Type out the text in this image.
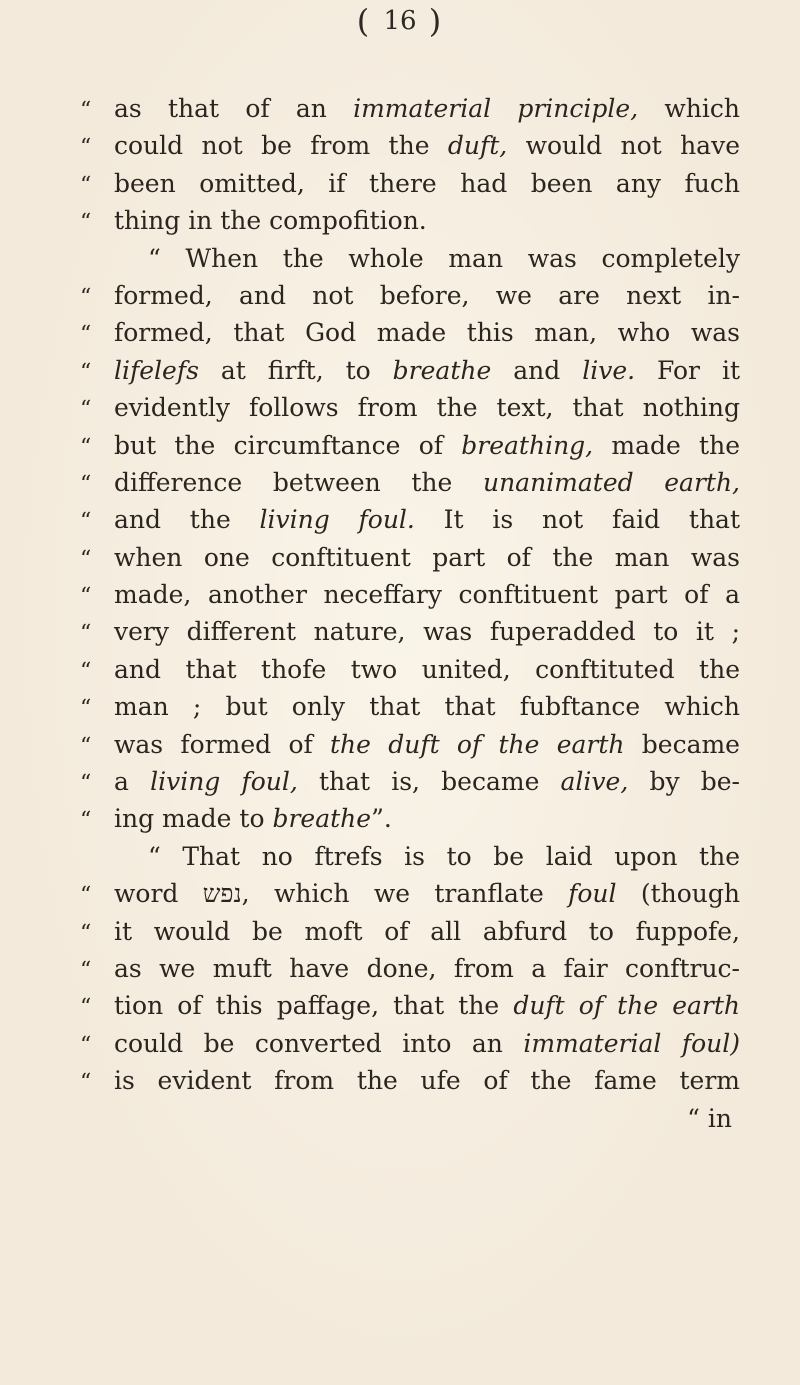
( 16 )
“ as that of an immaterial principle, which
“ could not be from the duft, would not have
“ been omitted, if there had been any fuch
“ thing in the compofition.
“ When the whole man was completely
“ formed, and not before, we are next in-
“ formed, that God made this man, who was
“ lifelefs at firft, to breathe and live. For it
“ evidently follows from the text, that nothing
“ but the circumftance of breathing, made the
“ difference between the unanimated earth,
“ and the living foul. It is not faid that
“ when one conftituent part of the man was
“ made, another neceffary conftituent part of a
“ very different nature, was fuperadded to it ;
“ and that thofe two united, conftituted the
“ man ; but only that that fubftance which
“ was formed of the duft of the earth became
“ a living foul, that is, became alive, by be-
“ ing made to breathe”.
“ That no ftrefs is to be laid upon the
“ word נפש, which we tranflate foul (though
“ it would be moft of all abfurd to fuppofe,
“ as we muft have done, from a fair conftruc-
“ tion of this paffage, that the duft of the earth
“ could be converted into an immaterial foul)
“ is evident from the ufe of the fame term
“ in
